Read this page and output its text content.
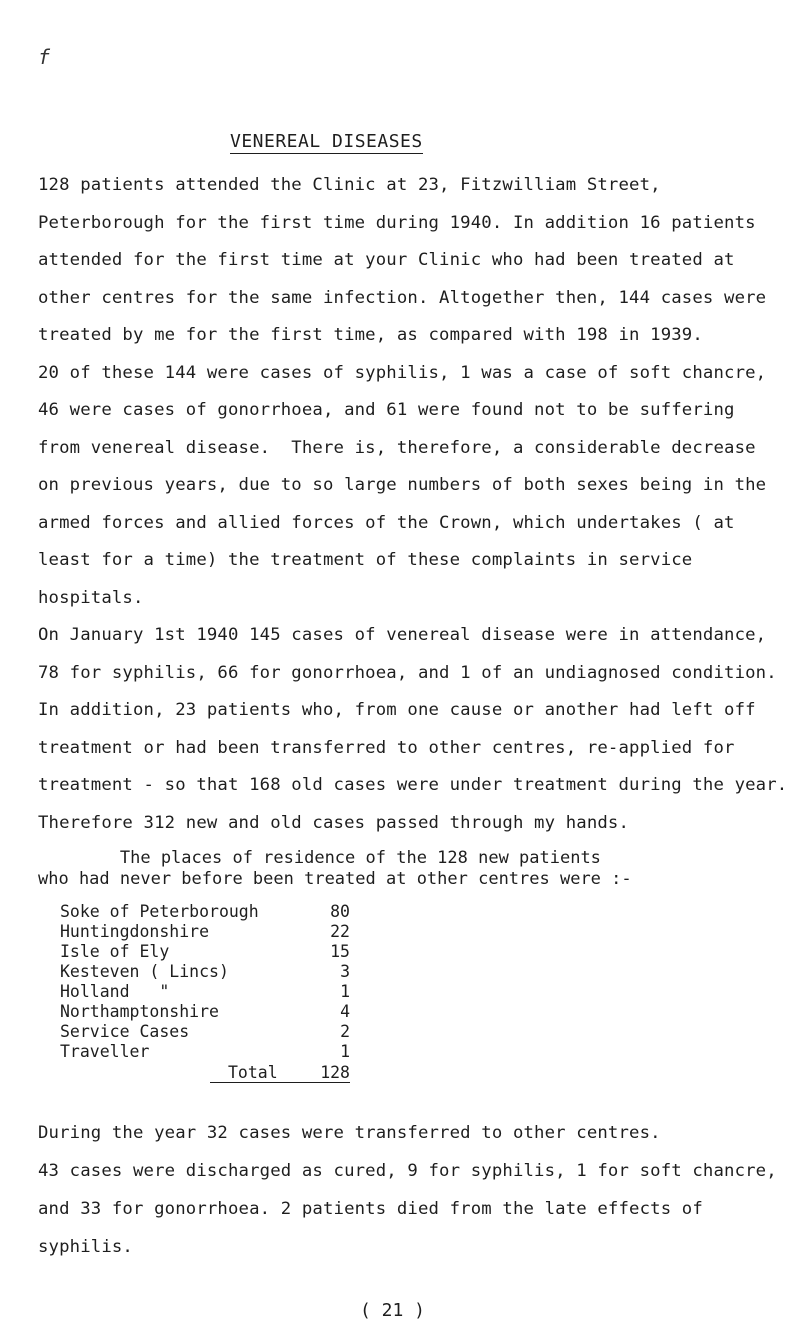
f
VENEREAL DISEASES
128 patients attended the Clinic at 23, Fitzwilliam Street,
Peterborough for the first time during 1940. In addition 16 patients
attended for the first time at your Clinic who had been treated at
other centres for the same infection. Altogether then, 144 cases were
treated by me for the first time, as compared with 198 in 1939.
20 of these 144 were cases of syphilis, 1 was a case of soft chancre,
46 were cases of gonorrhoea, and 61 were found not to be suffering
from venereal disease.  There is, therefore, a considerable decrease
on previous years, due to so large numbers of both sexes being in the
armed forces and allied forces of the Crown, which undertakes ( at
least for a time) the treatment of these complaints in service
hospitals.
On January 1st 1940 145 cases of venereal disease were in attendance,
78 for syphilis, 66 for gonorrhoea, and 1 of an undiagnosed condition.
In addition, 23 patients who, from one cause or another had left off
treatment or had been transferred to other centres, re-applied for
treatment - so that 168 old cases were under treatment during the year.
Therefore 312 new and old cases passed through my hands.
The places of residence of the 128 new patients
who had never before been treated at other centres were :-
Soke of Peterborough	80
Huntingdonshire	22
Isle of Ely	15
Kesteven ( Lincs)	3
Holland   "	1
Northamptonshire	4
Service Cases	2
Traveller	1
Total	128
During the year 32 cases were transferred to other centres.
43 cases were discharged as cured, 9 for syphilis, 1 for soft chancre,
and 33 for gonorrhoea. 2 patients died from the late effects of
syphilis.
( 21 )
